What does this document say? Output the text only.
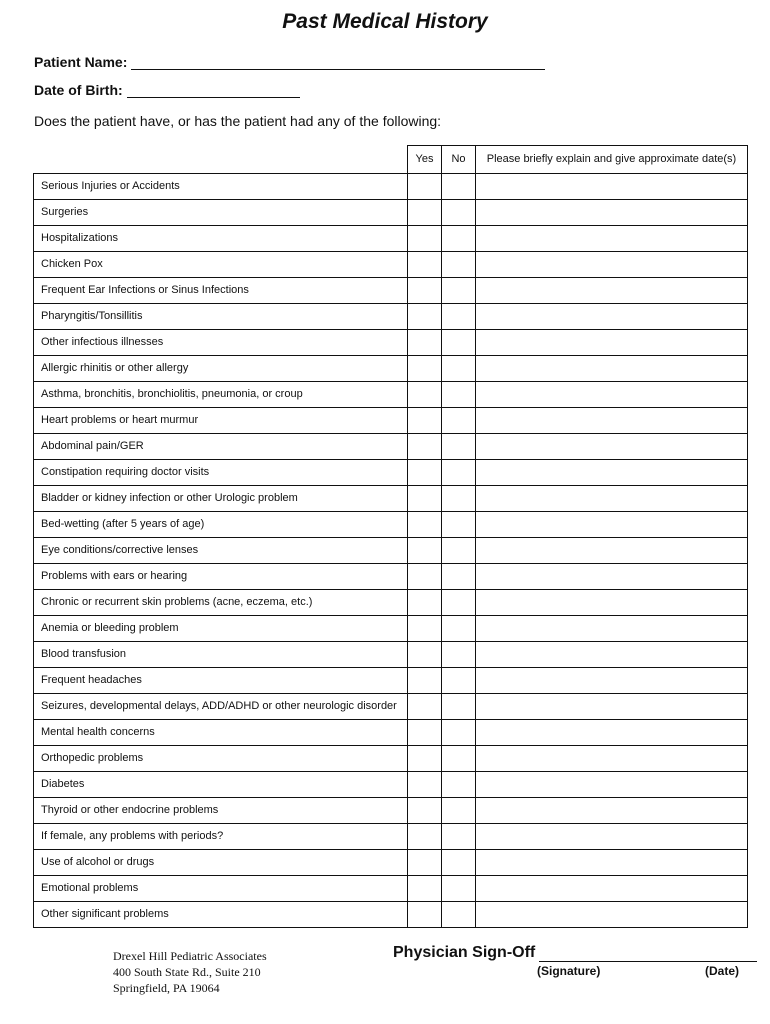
Past Medical History
Patient Name:
Date of Birth:
Does the patient have, or has the patient had any of the following:
	Yes	No	Please briefly explain and give approximate date(s)
Serious Injuries or Accidents			
Surgeries			
Hospitalizations			
Chicken Pox			
Frequent Ear Infections or Sinus Infections			
Pharyngitis/Tonsillitis			
Other infectious illnesses			
Allergic rhinitis or other allergy			
Asthma, bronchitis, bronchiolitis, pneumonia, or croup			
Heart problems or heart murmur			
Abdominal pain/GER			
Constipation requiring doctor visits			
Bladder or kidney infection or other Urologic problem			
Bed-wetting (after 5 years of age)			
Eye conditions/corrective lenses			
Problems with ears or hearing			
Chronic or recurrent skin problems (acne, eczema, etc.)			
Anemia or bleeding problem			
Blood transfusion			
Frequent headaches			
Seizures, developmental delays, ADD/ADHD or other neurologic disorder			
Mental health concerns			
Orthopedic problems			
Diabetes			
Thyroid or other endocrine problems			
If female, any problems with periods?			
Use of alcohol or drugs			
Emotional problems			
Other significant problems			
Drexel Hill Pediatric Associates
400 South State Rd., Suite 210
Springfield, PA 19064
Physician Sign-Off
(Signature)	(Date)
